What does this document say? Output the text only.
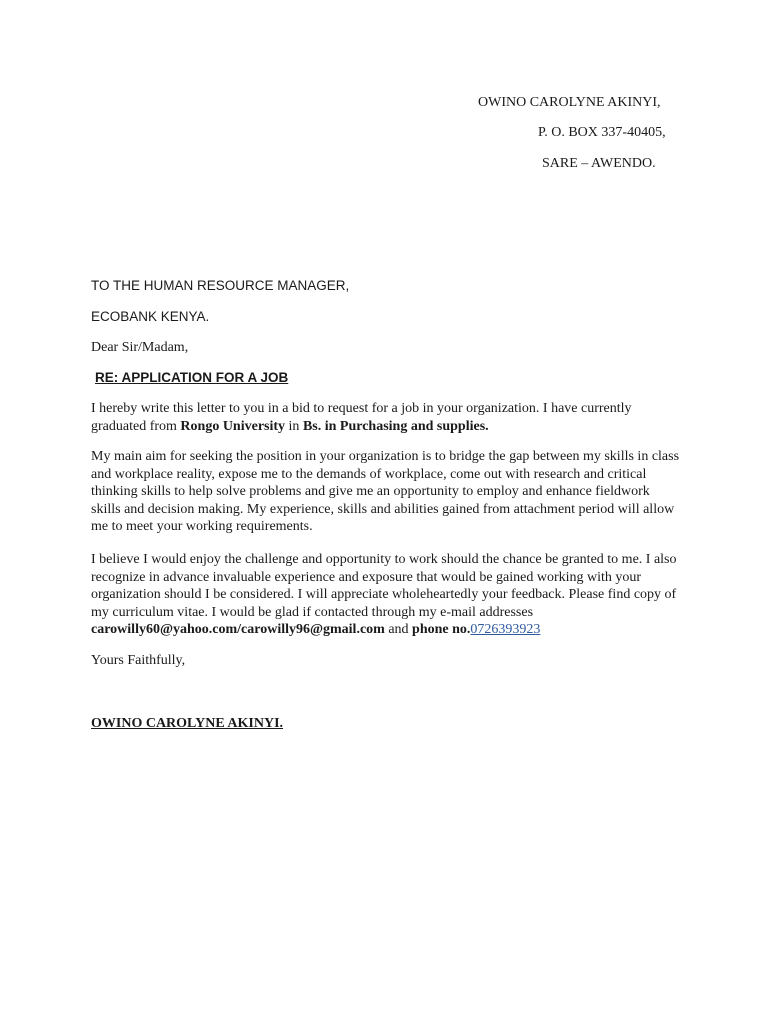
OWINO CAROLYNE AKINYI,
P. O. BOX 337-40405,
SARE – AWENDO.
TO THE HUMAN RESOURCE MANAGER,
ECOBANK KENYA.
Dear Sir/Madam,
RE: APPLICATION FOR A JOB

I hereby write this letter to you in a bid to request for a job in your organization. I have currently graduated from Rongo University in Bs. in Purchasing and supplies.

My main aim for seeking the position in your organization is to bridge the gap between my skills in class and workplace reality, expose me to the demands of workplace, come out with research and critical thinking skills to help solve problems and give me an opportunity to employ and enhance fieldwork skills and decision making. My experience, skills and abilities gained from attachment period will allow me to meet your working requirements.

I believe I would enjoy the challenge and opportunity to work should the chance be granted to me. I also recognize in advance invaluable experience and exposure that would be gained working with your organization should I be considered. I will appreciate wholeheartedly your feedback. Please find copy of my curriculum vitae. I would be glad if contacted through my e-mail addresses carowilly60@yahoo.com/carowilly96@gmail.com and phone no.0726393923

Yours Faithfully,
OWINO CAROLYNE AKINYI.
